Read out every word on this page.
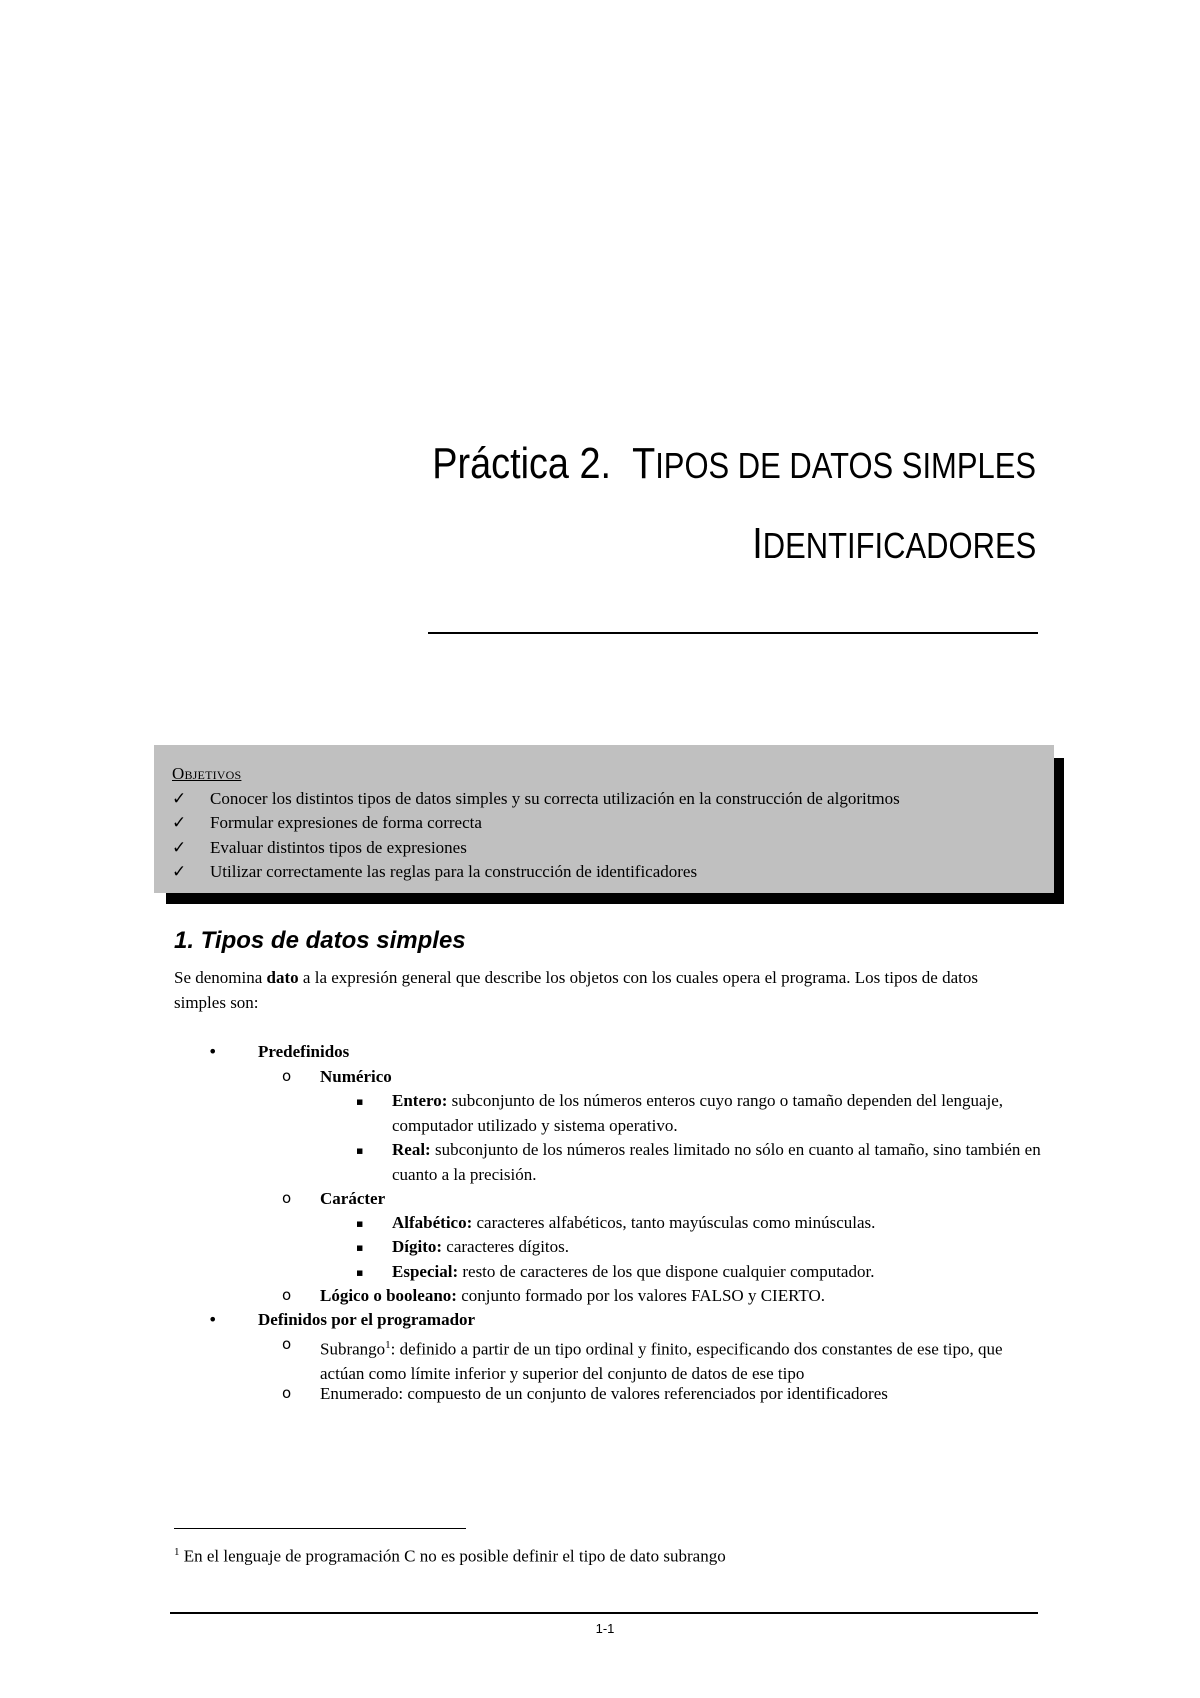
Práctica 2. TIPOS DE DATOS SIMPLES
IDENTIFICADORES
Objetivos
✓	Conocer los distintos tipos de datos simples y su correcta utilización en la construcción de algoritmos
✓	Formular expresiones de forma correcta
✓	Evaluar distintos tipos de expresiones
✓	Utilizar correctamente las reglas para la construcción de identificadores
1. Tipos de datos simples
Se denomina dato a la expresión general que describe los objetos con los cuales opera el programa. Los tipos de datos simples son:
• Predefinidos
o Numérico
▪ Entero: subconjunto de los números enteros cuyo rango o tamaño dependen del lenguaje, computador utilizado y sistema operativo.
▪ Real: subconjunto de los números reales limitado no sólo en cuanto al tamaño, sino también en cuanto a la precisión.
o Carácter
▪ Alfabético: caracteres alfabéticos, tanto mayúsculas como minúsculas.
▪ Dígito: caracteres dígitos.
▪ Especial: resto de caracteres de los que dispone cualquier computador.
o Lógico o booleano: conjunto formado por los valores FALSO y CIERTO.
• Definidos por el programador
o Subrango$^1$: definido a partir de un tipo ordinal y finito, especificando dos constantes de ese tipo, que actúan como límite inferior y superior del conjunto de datos de ese tipo
o Enumerado: compuesto de un conjunto de valores referenciados por identificadores
$^1$ En el lenguaje de programación C no es posible definir el tipo de dato subrango
1-1
